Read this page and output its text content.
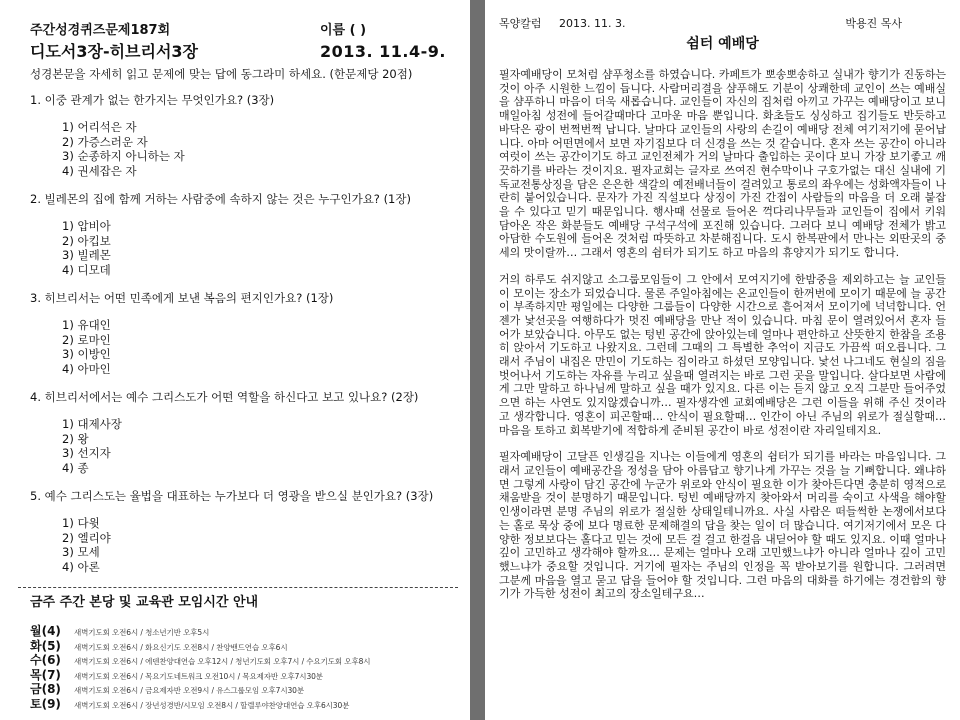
주간성경퀴즈문제187회	이름 ( )
디도서3장-히브리서3장	2013. 11.4-9.
성경본문을 자세히 읽고 문제에 맞는 답에 동그라미 하세요. (한문제당 20점)
1. 이중 관계가 없는 한가지는 무엇인가요? (3장)
1) 어리석은 자
2) 가증스러운 자
3) 순종하지 아니하는 자
4) 권세잡은 자
2. 빌레몬의 집에 함께 거하는 사람중에 속하지 않는 것은 누구인가요? (1장)
1) 압비아
2) 아킵보
3) 빌레몬
4) 디모데
3. 히브리서는 어떤 민족에게 보낸 복음의 편지인가요? (1장)
1) 유대인
2) 로마인
3) 이방인
4) 아마인
4. 히브리서에서는 예수 그리스도가 어떤 역할을 하신다고 보고 있나요? (2장)
1) 대제사장
2) 왕
3) 선지자
4) 종
5. 예수 그리스도는 율법을 대표하는 누가보다 더 영광을 받으실 분인가요? (3장)
1) 다윗
2) 엘리야
3) 모세
4) 아론
금주 주간 본당 및 교육관 모임시간 안내
월(4)	새벽기도회 오전6시 / 청소년기반 오후5시
화(5)	새벽기도회 오전6시 / 화요신기도 오전8시 / 찬양밴드연습 오후6시
수(6)	새벽기도회 오전6시 / 에덴찬양대연습 오후12시 / 청년기도회 오후7시 / 수요기도회 오후8시
목(7)	새벽기도회 오전6시 / 목요기도네트워크 오전10시 / 목요제자반 오후7시30분
금(8)	새벽기도회 오전6시 / 금요제자반 오전9시 / 유스그룹모임 오후7시30분
토(9)	새벽기도회 오전6시 / 장년성경반/시모임 오전8시 / 할렐루야찬양대연습 오후6시30분
목양칼럼	2013. 11. 3.	박용진 목사
쉼터 예배당

필자예배당이 모처럼 샴푸청소를 하였습니다. 카페트가 뽀송뽀송하고 실내가 향기가 진동하는 것이 아주 시원한 느낌이 듭니다. 사람머리결을 샴푸해도 기분이 상쾌한데 교인이 쓰는 예배실을 샴푸하니 마음이 더욱 새롭습니다. 교인들이 자신의 집처럼 아끼고 가꾸는 예배당이고 보니 매일아침 성전에 들어갈때마다 고마운 마음 뿐입니다. 화초들도 싱싱하고 집기들도 반듯하고 바닥은 광이 번쩍번쩍 납니다. 날마다 교인들의 사랑의 손길이 예배당 전체 여기저기에 묻어납니다. 아마 어떤면에서 보면 자기집보다 더 신경을 쓰는 것 같습니다. 혼자 쓰는 공간이 아니라 여럿이 쓰는 공간이기도 하고 교인전체가 거의 날마다 출입하는 곳이다 보니 가장 보기좋고 깨끗하기를 바라는 것이지요. 필자교회는 글자로 쓰여진 현수막이나 구호가없는 대신 실내에 기독교전통상징을 담은 은은한 색갈의 예전배너들이 걸려있고 통로의 좌우에는 성화액자들이 나란히 붙어있습니다. 문자가 가진 직설보다 상징이 가진 간접이 사람들의 마음을 더 오래 붙잡을 수 있다고 믿기 때문입니다. 행사때 선물로 들어온 꺽다리나무들과 교인들이 집에서 키워 담아온 작은 화분들도 예배당 구석구석에 포진해 있습니다. 그러다 보니 예배당 전체가 밝고 아담한 수도원에 들어온 것처럼 따뜻하고 차분해집니다. 도시 한복판에서 만나는 외딴곳의 중세의 맛이랄까… 그래서 영혼의 쉼터가 되기도 하고 마음의 휴양지가 되기도 합니다.

거의 하루도 쉬지않고 소그룹모임들이 그 안에서 모여지기에 한밤중을 제외하고는 늘 교인들이 모이는 장소가 되었습니다. 물론 주일아침에는 온교인들이 한꺼번에 모이기 때문에 늘 공간이 부족하지만 평일에는 다양한 그룹들이 다양한 시간으로 흩어져서 모이기에 넉넉합니다. 언젠가 낯선곳을 여행하다가 멋진 예배당을 만난 적이 있습니다. 마침 문이 열려있어서 혼자 들어가 보았습니다. 아무도 없는 텅빈 공간에 앉아있는데 얼마나 편안하고 산뜻한지 한참을 조용히 앉아서 기도하고 나왔지요. 그런데 그때의 그 특별한 추억이 지금도 가끔씩 떠오릅니다. 그래서 주님이 내집은 만민이 기도하는 집이라고 하셨던 모양입니다. 낯선 나그네도 현실의 짐을 벗어나서 기도하는 자유를 누리고 싶을때 열려지는 바로 그런 곳을 말입니다. 살다보면 사람에게 그만 말하고 하나님께 말하고 싶을 때가 있지요. 다른 이는 듣지 않고 오직 그분만 들어주었으면 하는 사연도 있지않겠습니까… 필자생각엔 교회예배당은 그런 이들을 위해 주신 것이라고 생각합니다. 영혼이 피곤할때… 안식이 필요할때… 인간이 아닌 주님의 위로가 절실할때… 마음을 토하고 회복받기에 적합하게 준비된 공간이 바로 성전이란 자리일테지요.

필자예배당이 고달픈 인생길을 지나는 이들에게 영혼의 쉼터가 되기를 바라는 마음입니다. 그래서 교인들이 예배공간을 정성을 담아 아름답고 향기나게 가꾸는 것을 늘 기뻐합니다. 왜냐하면 그렇게 사랑이 담긴 공간에 누군가 위로와 안식이 필요한 이가 찾아든다면 충분히 영적으로 채움받을 것이 분명하기 때문입니다. 텅빈 예배당까지 찾아와서 머리를 숙이고 사색을 해야할 인생이라면 분명 주님의 위로가 절실한 상태일테니까요. 사실 사람은 떠들썩한 논쟁에서보다는 홀로 묵상 중에 보다 명료한 문제해결의 답을 찾는 일이 더 많습니다. 여기저기에서 모은 다양한 정보보다는 홀다고 믿는 것에 모든 걸 걸고 한걸음 내딛어야 할 때도 있지요. 이때 얼마나 깊이 고민하고 생각해야 할까요… 문제는 얼마나 오래 고민했느냐가 아니라 얼마나 깊이 고민했느냐가 중요할 것입니다. 거기에 필자는 주님의 인정을 꼭 받아보기를 원합니다. 그러려면 그분께 마음을 열고 묻고 답을 들어야 할 것입니다. 그런 마음의 대화를 하기에는 경건함의 향기가 가득한 성전이 최고의 장소일테구요…
